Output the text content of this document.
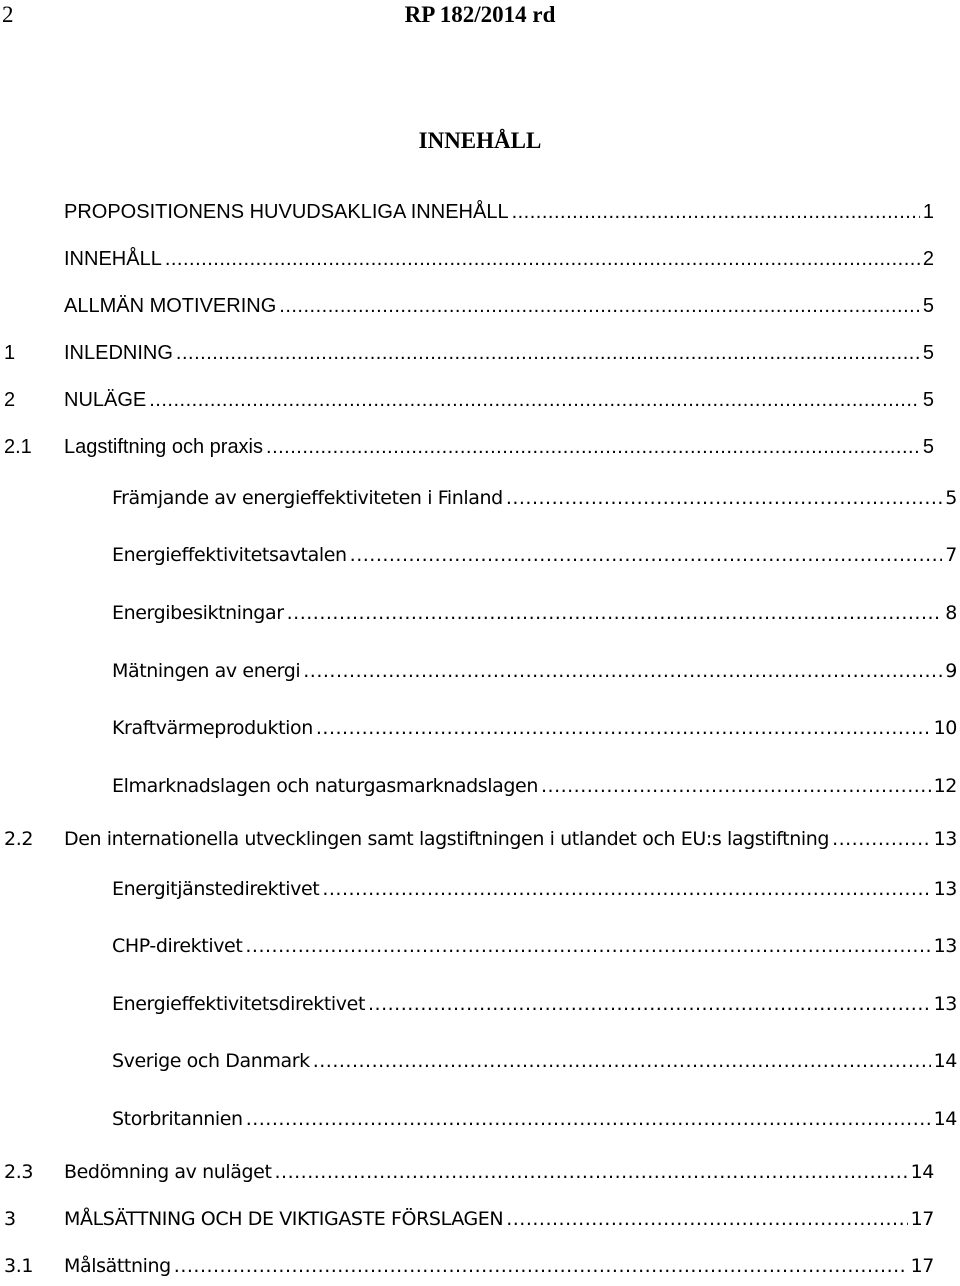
2	RP 182/2014 rd
INNEHÅLL
PROPOSITIONENS HUVUDSAKLIGA INNEHÅLL .....	1
INNEHÅLL .....	2
ALLMÄN MOTIVERING .....	5
1	INLEDNING .....	5
2	NULÄGE .....	5
2.1	Lagstiftning och praxis .....	5
Främjande av energieffektiviteten i Finland .....	5
Energieffektivitetsavtalen .....	7
Energibesiktningar .....	8
Mätningen av energi .....	9
Kraftvärmeproduktion .....	10
Elmarknadslagen och naturgasmarknadslagen .....	12
2.2	Den internationella utvecklingen samt lagstiftningen i utlandet och EU:s lagstiftning .....	13
Energitjänstedirektivet .....	13
CHP-direktivet .....	13
Energieffektivitetsdirektivet .....	13
Sverige och Danmark .....	14
Storbritannien .....	14
2.3	Bedömning av nuläget .....	14
3	MÅLSÄTTNING OCH DE VIKTIGASTE FÖRSLAGEN .....	17
3.1	Målsättning .....	17
